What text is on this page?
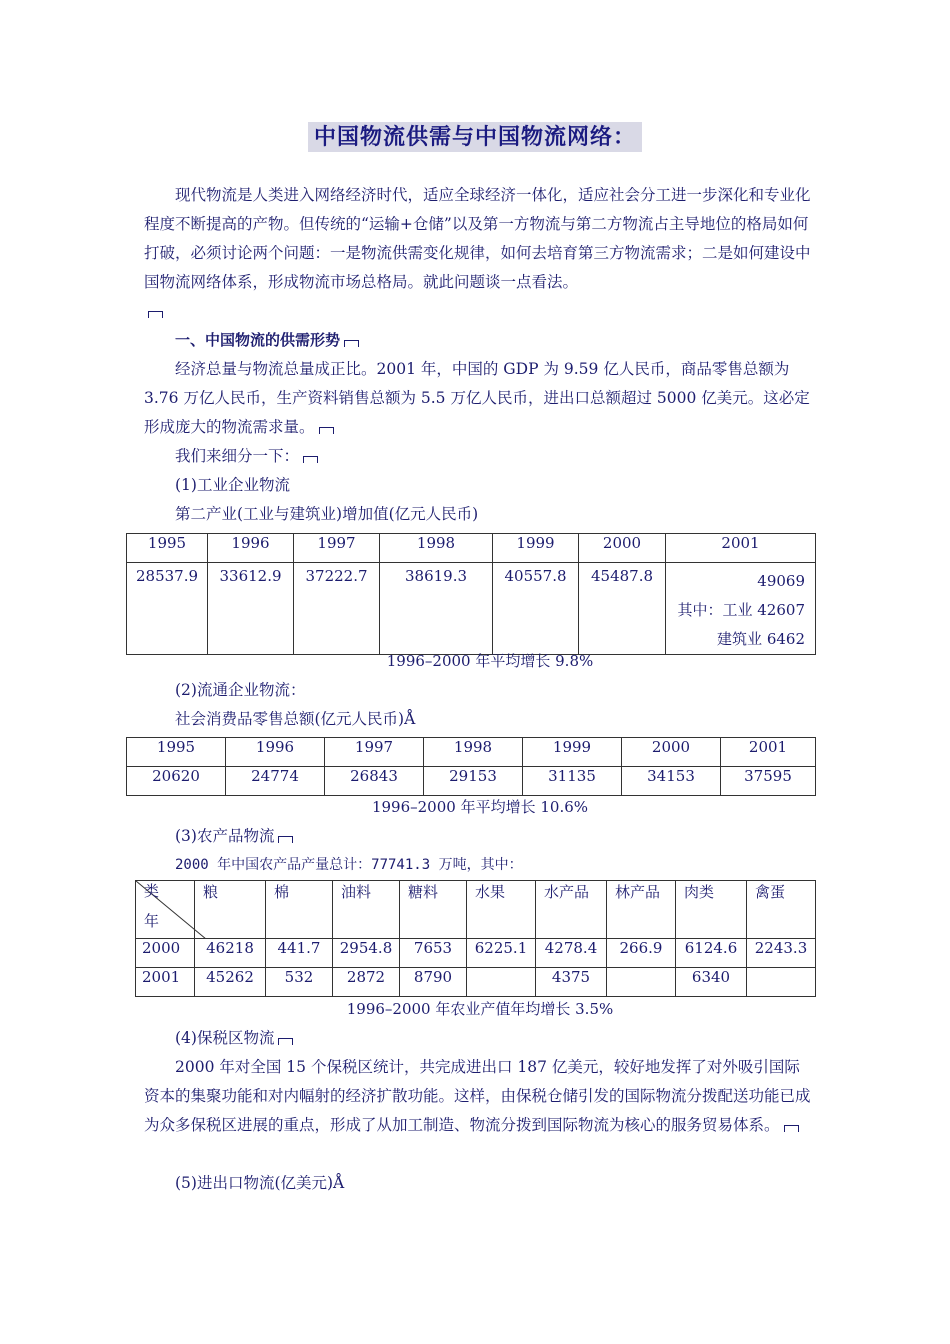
中国物流供需与中国物流网络：
现代物流是人类进入网络经济时代，适应全球经济一体化，适应社会分工进一步深化和专业化程度不断提高的产物。但传统的“运输+仓储”以及第一方物流与第二方物流占主导地位的格局如何打破，必须讨论两个问题：一是物流供需变化规律，如何去培育第三方物流需求；二是如何建设中国物流网络体系，形成物流市场总格局。就此问题谈一点看法。
一、中国物流的供需形势
经济总量与物流总量成正比。2001 年，中国的 GDP 为 9.59 亿人民币，商品零售总额为 3.76 万亿人民币，生产资料销售总额为 5.5 万亿人民币，进出口总额超过 5000 亿美元。这必定形成庞大的物流需求量。
我们来细分一下：
(1)工业企业物流
第二产业(工业与建筑业)增加值(亿元人民币)
1995	1996	1997	1998	1999	2000	2001
28537.9	33612.9	37222.7	38619.3	40557.8	45487.8	49069
其中：工业 42607
建筑业 6462
1996–2000 年平均增长 9.8%
(2)流通企业物流：
社会消费品零售总额(亿元人民币)Å
1995	1996	1997	1998	1999	2000	2001
20620	24774	26843	29153	31135	34153	37595
1996–2000 年平均增长 10.6%
(3)农产品物流
2000 年中国农产品产量总计：77741.3 万吨，其中：
类
年	粮	棉	油料	糖料	水果	水产品	林产品	肉类	禽蛋
2000	46218	441.7	2954.8	7653	6225.1	4278.4	266.9	6124.6	2243.3
2001	45262	532	2872	8790		4375		6340	
1996–2000 年农业产值年均增长 3.5%
(4)保税区物流
2000 年对全国 15 个保税区统计，共完成进出口 187 亿美元，较好地发挥了对外吸引国际资本的集聚功能和对内幅射的经济扩散功能。这样，由保税仓储引发的国际物流分拨配送功能已成为众多保税区进展的重点，形成了从加工制造、物流分拨到国际物流为核心的服务贸易体系。
(5)进出口物流(亿美元)Å
